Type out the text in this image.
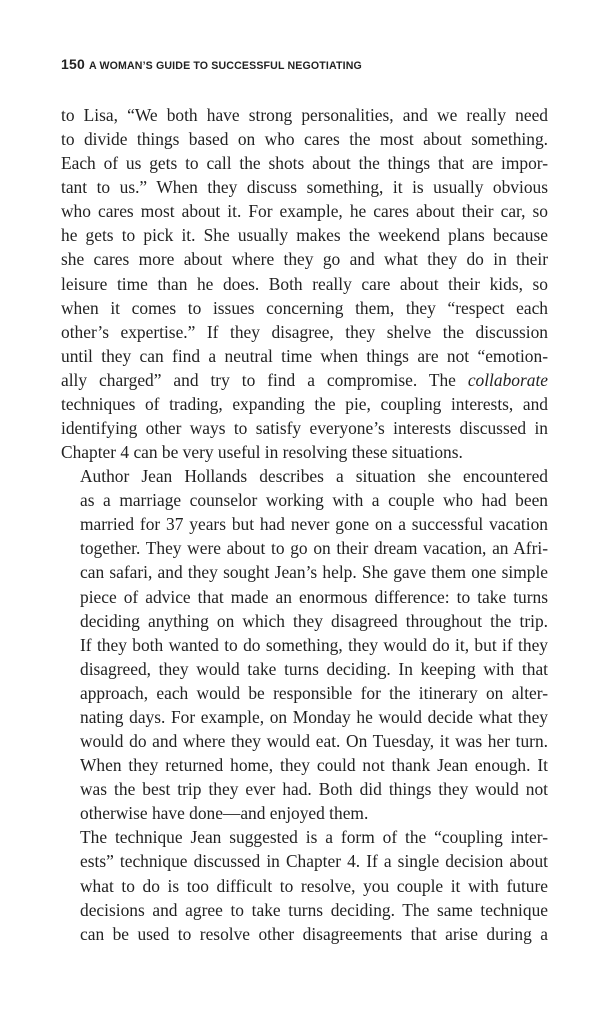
150 A WOMAN’S GUIDE TO SUCCESSFUL NEGOTIATING

to Lisa, “We both have strong personalities, and we really need
to divide things based on who cares the most about something.
Each of us gets to call the shots about the things that are impor-
tant to us.” When they discuss something, it is usually obvious
who cares most about it. For example, he cares about their car, so
he gets to pick it. She usually makes the weekend plans because
she cares more about where they go and what they do in their
leisure time than he does. Both really care about their kids, so
when it comes to issues concerning them, they “respect each
other’s expertise.” If they disagree, they shelve the discussion
until they can find a neutral time when things are not “emotion-
ally charged” and try to find a compromise. The collaborate
techniques of trading, expanding the pie, coupling interests, and
identifying other ways to satisfy everyone’s interests discussed in
Chapter 4 can be very useful in resolving these situations.

Author Jean Hollands describes a situation she encountered
as a marriage counselor working with a couple who had been
married for 37 years but had never gone on a successful vacation
together. They were about to go on their dream vacation, an Afri-
can safari, and they sought Jean’s help. She gave them one simple
piece of advice that made an enormous difference: to take turns
deciding anything on which they disagreed throughout the trip.
If they both wanted to do something, they would do it, but if they
disagreed, they would take turns deciding. In keeping with that
approach, each would be responsible for the itinerary on alter-
nating days. For example, on Monday he would decide what they
would do and where they would eat. On Tuesday, it was her turn.
When they returned home, they could not thank Jean enough. It
was the best trip they ever had. Both did things they would not
otherwise have done—and enjoyed them.

The technique Jean suggested is a form of the “coupling inter-
ests” technique discussed in Chapter 4. If a single decision about
what to do is too difficult to resolve, you couple it with future
decisions and agree to take turns deciding. The same technique
can be used to resolve other disagreements that arise during a
